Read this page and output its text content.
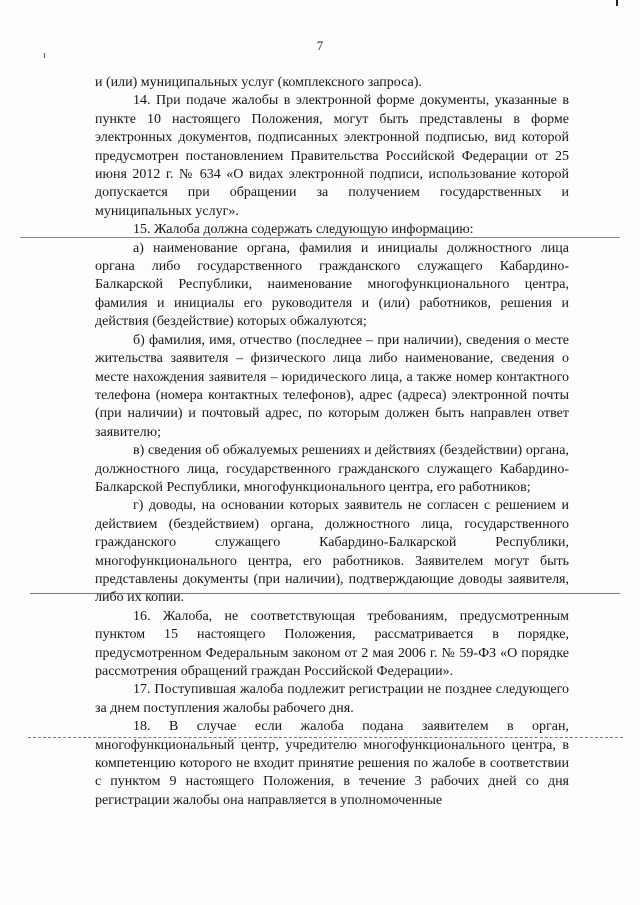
7
ɪ

и (или) муниципальных услуг (комплексного запроса).

14. При подаче жалобы в электронной форме документы, указанные в пункте 10 настоящего Положения, могут быть представлены в форме электронных документов, подписанных электронной подписью, вид которой предусмотрен постановлением Правительства Российской Федерации от 25 июня 2012 г. № 634 «О видах электронной подписи, использование которой допускается при обращении за получением государственных и муниципальных услуг».

15. Жалоба должна содержать следующую информацию:

а) наименование органа, фамилия и инициалы должностного лица органа либо государственного гражданского служащего Кабардино-Балкарской Республики, наименование многофункционального центра, фамилия и инициалы его руководителя и (или) работников, решения и действия (бездействие) которых обжалуются;

б) фамилия, имя, отчество (последнее – при наличии), сведения о месте жительства заявителя – физического лица либо наименование, сведения о месте нахождения заявителя – юридического лица, а также номер контактного телефона (номера контактных телефонов), адрес (адреса) электронной почты (при наличии) и почтовый адрес, по которым должен быть направлен ответ заявителю;

в) сведения об обжалуемых решениях и действиях (бездействии) органа, должностного лица, государственного гражданского служащего Кабардино-Балкарской Республики, многофункционального центра, его работников;

г) доводы, на основании которых заявитель не согласен с решением и действием (бездействием) органа, должностного лица, государственного гражданского служащего Кабардино-Балкарской Республики, многофункционального центра, его работников. Заявителем могут быть представлены документы (при наличии), подтверждающие доводы заявителя, либо их копии.

16. Жалоба, не соответствующая требованиям, предусмотренным пунктом 15 настоящего Положения, рассматривается в порядке, предусмотренном Федеральным законом от 2 мая 2006 г. № 59-ФЗ «О порядке рассмотрения обращений граждан Российской Федерации».

17. Поступившая жалоба подлежит регистрации не позднее следующего за днем поступления жалобы рабочего дня.

18. В случае если жалоба подана заявителем в орган, многофункциональный центр, учредителю многофункционального центра, в компетенцию которого не входит принятие решения по жалобе в соответствии с пунктом 9 настоящего Положения, в течение 3 рабочих дней со дня регистрации жалобы она направляется в уполномоченные
